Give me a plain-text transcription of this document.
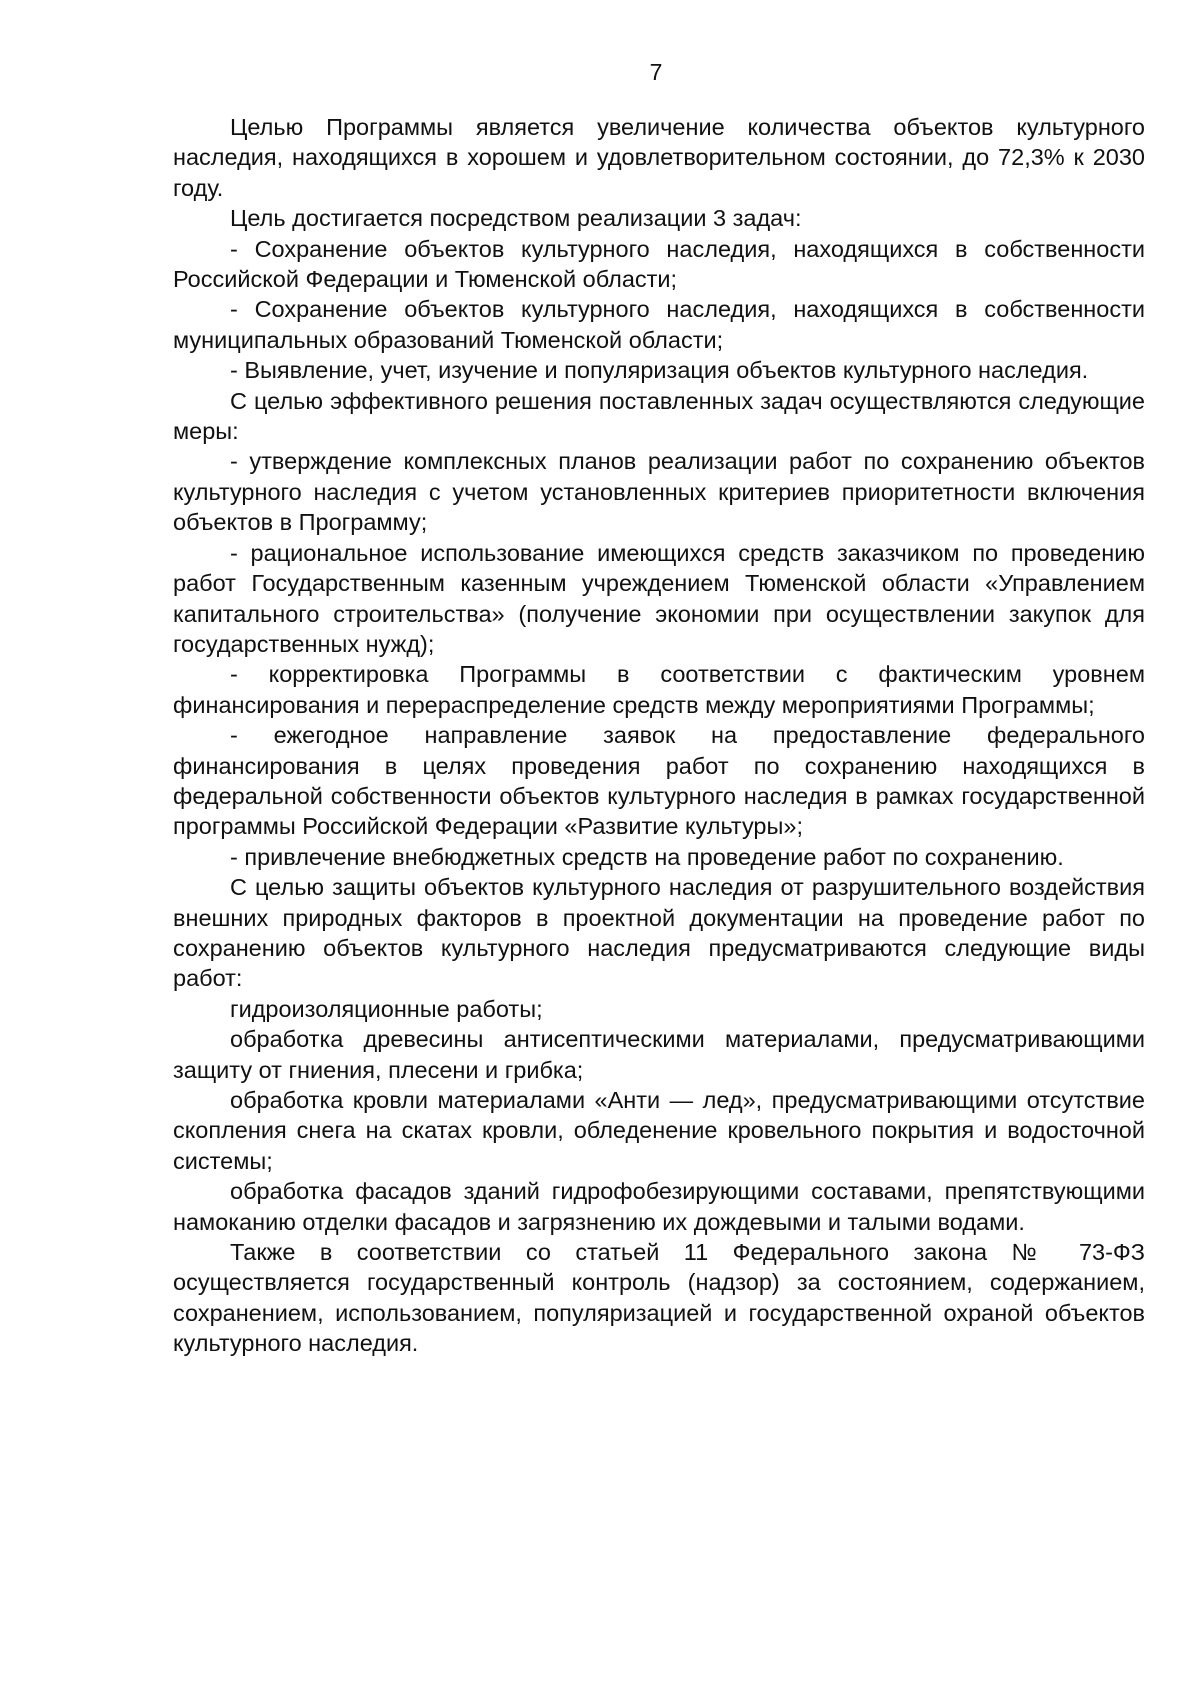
7

Целью Программы является увеличение количества объектов культурного наследия, находящихся в хорошем и удовлетворительном состоянии, до 72,3% к 2030 году.

Цель достигается посредством реализации 3 задач:

- Сохранение объектов культурного наследия, находящихся в собственности Российской Федерации и Тюменской области;

- Сохранение объектов культурного наследия, находящихся в собственности муниципальных образований Тюменской области;

- Выявление, учет, изучение и популяризация объектов культурного наследия.

С целью эффективного решения поставленных задач осуществляются следующие меры:

- утверждение комплексных планов реализации работ по сохранению объектов культурного наследия с учетом установленных критериев приоритетности включения объектов в Программу;

- рациональное использование имеющихся средств заказчиком по проведению работ Государственным казенным учреждением Тюменской области «Управлением капитального строительства» (получение экономии при осуществлении закупок для государственных нужд);

- корректировка Программы в соответствии с фактическим уровнем финансирования и перераспределение средств между мероприятиями Программы;

- ежегодное направление заявок на предоставление федерального финансирования в целях проведения работ по сохранению находящихся в федеральной собственности объектов культурного наследия в рамках государственной программы Российской Федерации «Развитие культуры»;

- привлечение внебюджетных средств на проведение работ по сохранению.

С целью защиты объектов культурного наследия от разрушительного воздействия внешних природных факторов в проектной документации на проведение работ по сохранению объектов культурного наследия предусматриваются следующие виды работ:

гидроизоляционные работы;

обработка древесины антисептическими материалами, предусматривающими защиту от гниения, плесени и грибка;

обработка кровли материалами «Анти — лед», предусматривающими отсутствие скопления снега на скатах кровли, обледенение кровельного покрытия и водосточной системы;

обработка фасадов зданий гидрофобезирующими составами, препятствующими намоканию отделки фасадов и загрязнению их дождевыми и талыми водами.

Также в соответствии со статьей 11 Федерального закона № 73-ФЗ осуществляется государственный контроль (надзор) за состоянием, содержанием, сохранением, использованием, популяризацией и государственной охраной объектов культурного наследия.
